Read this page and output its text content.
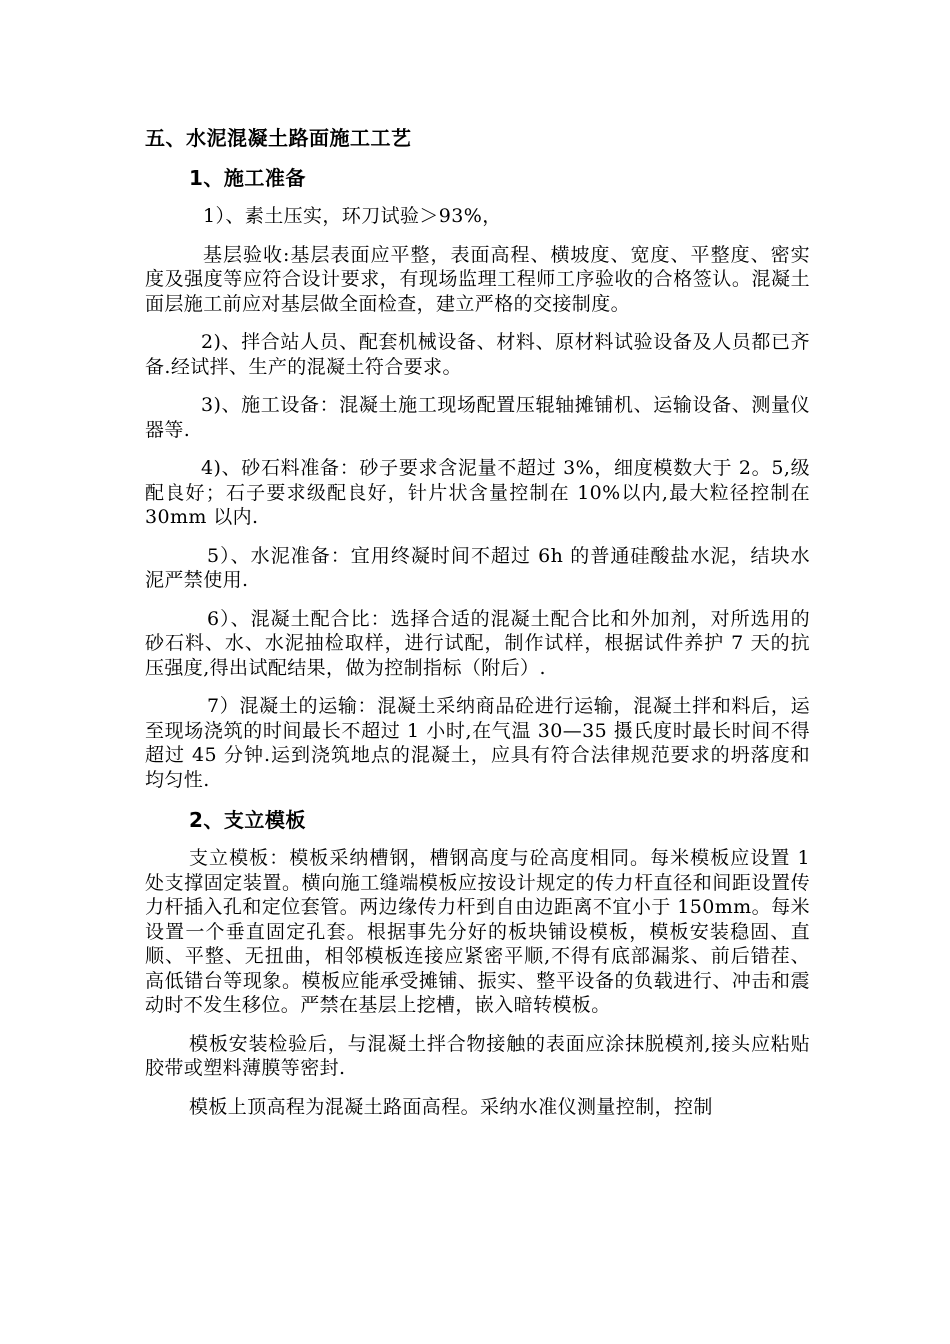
五、水泥混凝土路面施工工艺
1、施工准备

1）、素土压实，环刀试验＞93%，

基层验收:基层表面应平整，表面高程、横坡度、宽度、平整度、密实度及强度等应符合设计要求，有现场监理工程师工序验收的合格签认。混凝土面层施工前应对基层做全面检查，建立严格的交接制度。

2)、拌合站人员、配套机械设备、材料、原材料试验设备及人员都已齐备.经试拌、生产的混凝土符合要求。

3)、施工设备：混凝土施工现场配置压辊轴摊铺机、运输设备、测量仪器等.

4)、砂石料准备：砂子要求含泥量不超过 3%，细度模数大于 2。5,级配良好；石子要求级配良好，针片状含量控制在 10%以内,最大粒径控制在 30mm 以内.

5）、水泥准备：宜用终凝时间不超过 6h 的普通硅酸盐水泥，结块水泥严禁使用.

6）、混凝土配合比：选择合适的混凝土配合比和外加剂，对所选用的砂石料、水、水泥抽检取样，进行试配，制作试样，根据试件养护 7 天的抗压强度,得出试配结果，做为控制指标（附后）.

7）混凝土的运输：混凝土采纳商品砼进行运输，混凝土拌和料后，运至现场浇筑的时间最长不超过 1 小时,在气温 30—35 摄氏度时最长时间不得超过 45 分钟.运到浇筑地点的混凝土，应具有符合法律规范要求的坍落度和均匀性.

2、支立模板

支立模板：模板采纳槽钢，槽钢高度与砼高度相同。每米模板应设置 1 处支撑固定装置。横向施工缝端模板应按设计规定的传力杆直径和间距设置传力杆插入孔和定位套管。两边缘传力杆到自由边距离不宜小于 150mm。每米设置一个垂直固定孔套。根据事先分好的板块铺设模板，模板安装稳固、直顺、平整、无扭曲，相邻模板连接应紧密平顺,不得有底部漏浆、前后错茬、高低错台等现象。模板应能承受摊铺、振实、整平设备的负载进行、冲击和震动时不发生移位。严禁在基层上挖槽，嵌入暗转模板。

模板安装检验后，与混凝土拌合物接触的表面应涂抹脱模剂,接头应粘贴胶带或塑料薄膜等密封.

模板上顶高程为混凝土路面高程。采纳水准仪测量控制，控制
